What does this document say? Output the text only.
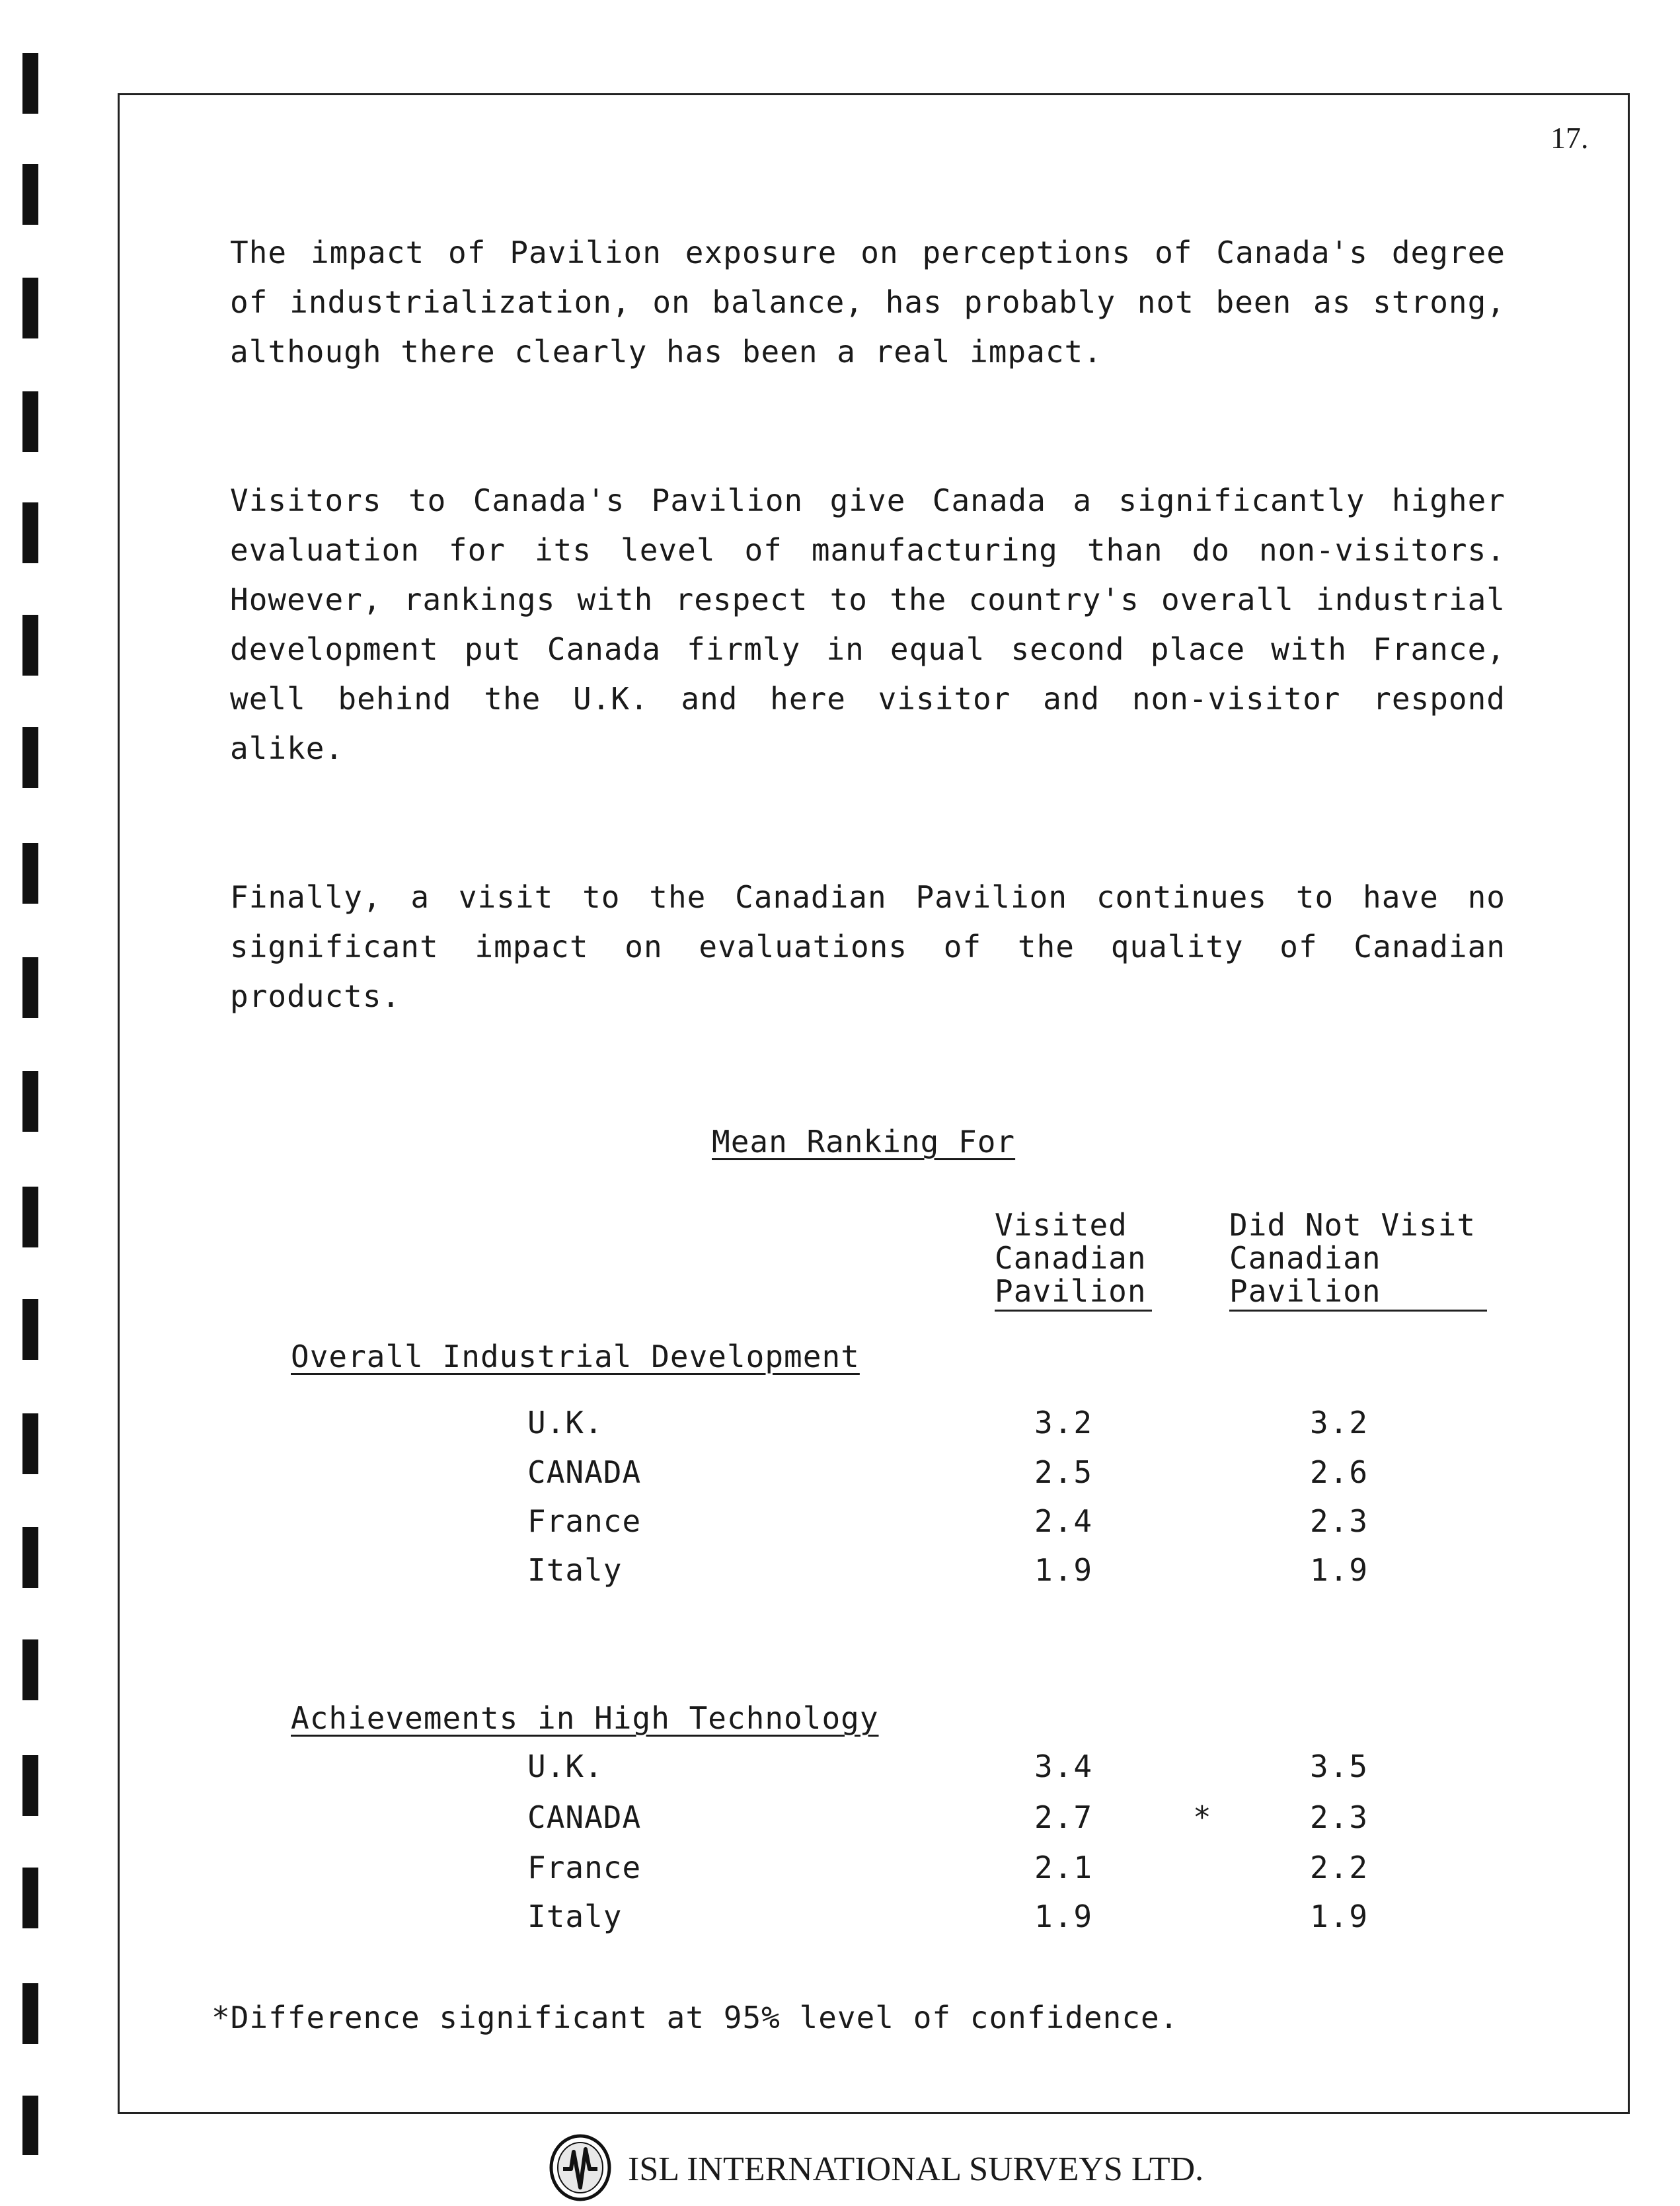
17.

The impact of Pavilion exposure on perceptions of Canada's degree of industrialization, on balance, has probably not been as strong, although there clearly has been a real impact.

Visitors to Canada's Pavilion give Canada a significantly higher evaluation for its level of manufacturing than do non-visitors. However, rankings with respect to the country's overall industrial development put Canada firmly in equal second place with France, well behind the U.K. and here visitor and non-visitor respond alike.

Finally, a visit to the Canadian Pavilion continues to have no significant impact on evaluations of the quality of Canadian products.

Mean Ranking For
Visited
Canadian
Pavilion
Did Not Visit
Canadian
Pavilion
Overall Industrial Development
U.K.	3.2	3.2
CANADA	2.5	2.6
France	2.4	2.3
Italy	1.9	1.9
Achievements in High Technology
U.K.	3.4	3.5
CANADA	2.7	*	2.3
France	2.1	2.2
Italy	1.9	1.9
*Difference significant at 95% level of confidence.
ISL INTERNATIONAL SURVEYS LTD.
